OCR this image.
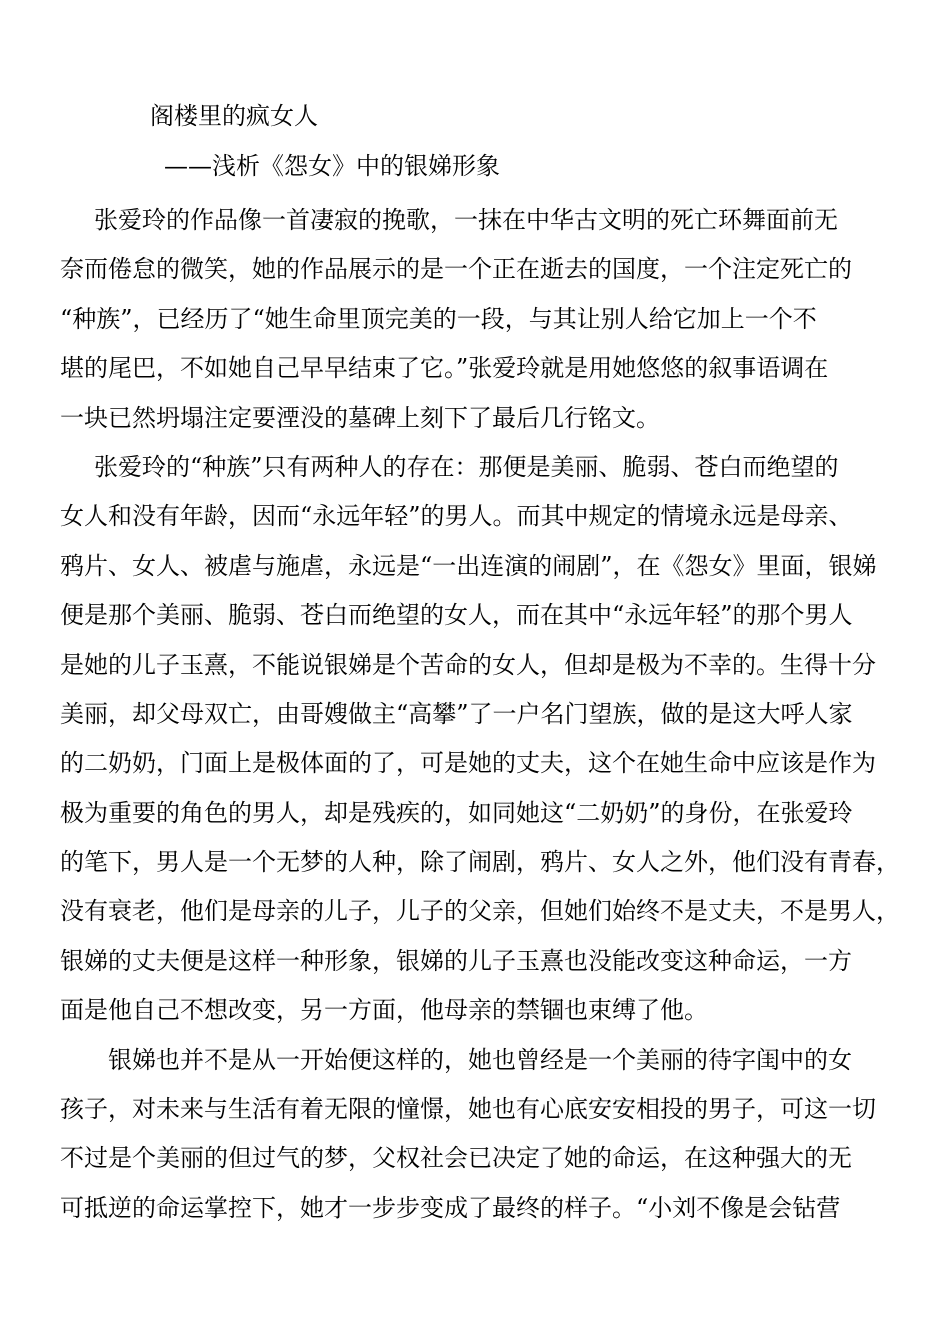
阁楼里的疯女人
——浅析《怨女》中的银娣形象
张爱玲的作品像一首凄寂的挽歌，一抹在中华古文明的死亡环舞面前无
奈而倦怠的微笑，她的作品展示的是一个正在逝去的国度，一个注定死亡的
“种族”，已经历了“她生命里顶完美的一段，与其让别人给它加上一个不
堪的尾巴，不如她自己早早结束了它。”张爱玲就是用她悠悠的叙事语调在
一块已然坍塌注定要湮没的墓碑上刻下了最后几行铭文。
张爱玲的“种族”只有两种人的存在：那便是美丽、脆弱、苍白而绝望的
女人和没有年龄，因而“永远年轻”的男人。而其中规定的情境永远是母亲、
鸦片、女人、被虐与施虐，永远是“一出连演的闹剧”，在《怨女》里面，银娣
便是那个美丽、脆弱、苍白而绝望的女人，而在其中“永远年轻”的那个男人
是她的儿子玉熹，不能说银娣是个苦命的女人，但却是极为不幸的。生得十分
美丽，却父母双亡，由哥嫂做主“高攀”了一户名门望族，做的是这大呼人家
的二奶奶，门面上是极体面的了，可是她的丈夫，这个在她生命中应该是作为
极为重要的角色的男人，却是残疾的，如同她这“二奶奶”的身份，在张爱玲
的笔下，男人是一个无梦的人种，除了闹剧，鸦片、女人之外，他们没有青春，
没有衰老，他们是母亲的儿子，儿子的父亲，但她们始终不是丈夫，不是男人，
银娣的丈夫便是这样一种形象，银娣的儿子玉熹也没能改变这种命运，一方
面是他自己不想改变，另一方面，他母亲的禁锢也束缚了他。
银娣也并不是从一开始便这样的，她也曾经是一个美丽的待字闺中的女
孩子，对未来与生活有着无限的憧憬，她也有心底安安相投的男子，可这一切
不过是个美丽的但过气的梦，父权社会已决定了她的命运，在这种强大的无
可抵逆的命运掌控下，她才一步步变成了最终的样子。“小刘不像是会钻营
